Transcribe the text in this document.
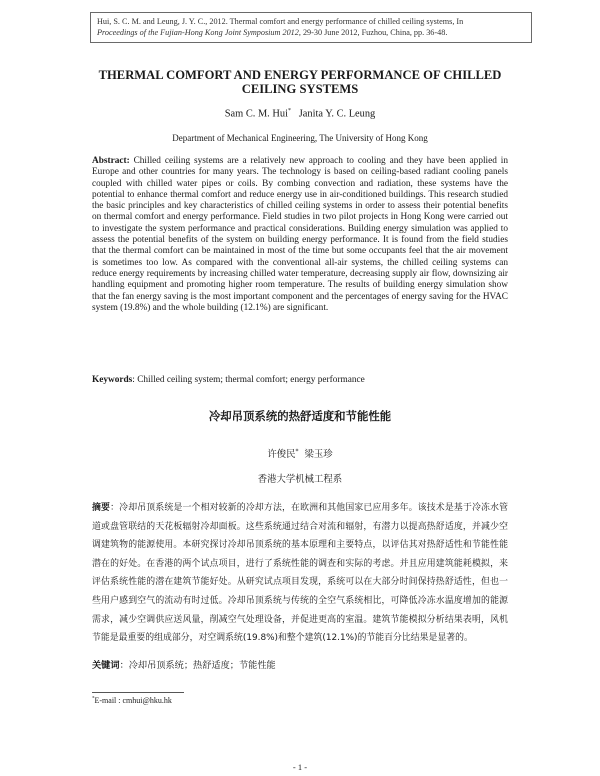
Hui, S. C. M. and Leung, J. Y. C., 2012. Thermal comfort and energy performance of chilled ceiling systems, In
Proceedings of the Fujian-Hong Kong Joint Symposium 2012, 29-30 June 2012, Fuzhou, China, pp. 36-48.
THERMAL COMFORT AND ENERGY PERFORMANCE OF CHILLED CEILING SYSTEMS
Sam C. M. Hui* Janita Y. C. Leung
Department of Mechanical Engineering, The University of Hong Kong
Abstract: Chilled ceiling systems are a relatively new approach to cooling and they have been applied in Europe and other countries for many years. The technology is based on ceiling-based radiant cooling panels coupled with chilled water pipes or coils. By combing convection and radiation, these systems have the potential to enhance thermal comfort and reduce energy use in air-conditioned buildings. This research studied the basic principles and key characteristics of chilled ceiling systems in order to assess their potential benefits on thermal comfort and energy performance. Field studies in two pilot projects in Hong Kong were carried out to investigate the system performance and practical considerations. Building energy simulation was applied to assess the potential benefits of the system on building energy performance. It is found from the field studies that the thermal comfort can be maintained in most of the time but some occupants feel that the air movement is sometimes too low. As compared with the conventional all-air systems, the chilled ceiling systems can reduce energy requirements by increasing chilled water temperature, decreasing supply air flow, downsizing air handling equipment and promoting higher room temperature. The results of building energy simulation show that the fan energy saving is the most important component and the percentages of energy saving for the HVAC system (19.8%) and the whole building (12.1%) are significant.
Keywords: Chilled ceiling system; thermal comfort; energy performance
冷却吊顶系统的热舒适度和节能性能
许俊民* 梁玉珍
香港大学机械工程系
摘要：冷却吊顶系统是一个相对较新的冷却方法，在欧洲和其他国家已应用多年。该技术是基于冷冻水管道或盘管联结的天花板辐射冷却面板。这些系统通过结合对流和辐射，有潜力以提高热舒适度，并减少空调建筑物的能源使用。本研究探讨冷却吊顶系统的基本原理和主要特点，以评估其对热舒适性和节能性能潜在的好处。在香港的两个试点项目，进行了系统性能的调查和实际的考虑。并且应用建筑能耗模拟，来评估系统性能的潜在建筑节能好处。从研究试点项目发现，系统可以在大部分时间保持热舒适性，但也一些用户感到空气的流动有时过低。冷却吊顶系统与传统的全空气系统相比，可降低冷冻水温度增加的能源需求，减少空调供应送风量，削减空气处理设备，并促进更高的室温。建筑节能模拟分析结果表明，风机节能是最重要的组成部分，对空调系统(19.8%)和整个建筑(12.1%)的节能百分比结果是显著的。
关键词：冷却吊顶系统；热舒适度；节能性能
*E-mail : cmhui@hku.hk
- 1 -
